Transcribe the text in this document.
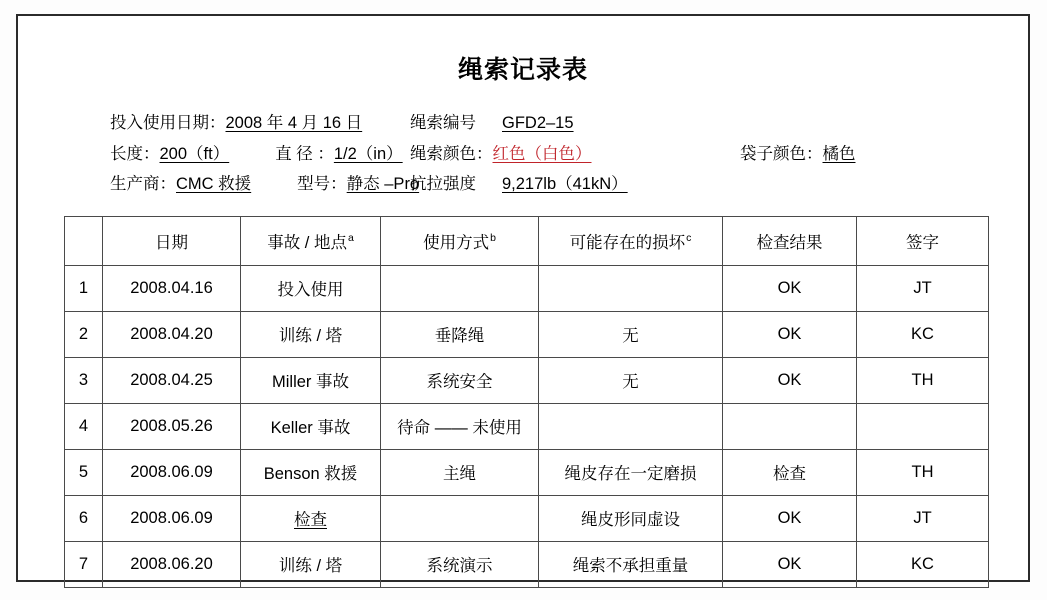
绳索记录表
投入使用日期： 2008 年 4 月 16 日	绳索编号 GFD2–15
长度： 200（ft）	直 径 ： 1/2（in） 绳索颜色： 红色（白色）	袋子颜色： 橘色
生产商： CMC 救援	型号： 静态 –Pro
抗拉强度 9,217lb（41kN）
	日期	事故 / 地点$^a$	使用方式$^b$	可能存在的损坏$^c$	检查结果	签字
1	2008.04.16	投入使用			OK	JT
2	2008.04.20	训练 / 塔	垂降绳	无	OK	KC
3	2008.04.25	Miller 事故	系统安全	无	OK	TH
4	2008.05.26	Keller 事故	待命 —— 未使用			
5	2008.06.09	Benson 救援	主绳	绳皮存在一定磨损	检查	TH
6	2008.06.09	检查		绳皮形同虚设	OK	JT
7	2008.06.20	训练 / 塔	系统演示	绳索不承担重量	OK	KC
